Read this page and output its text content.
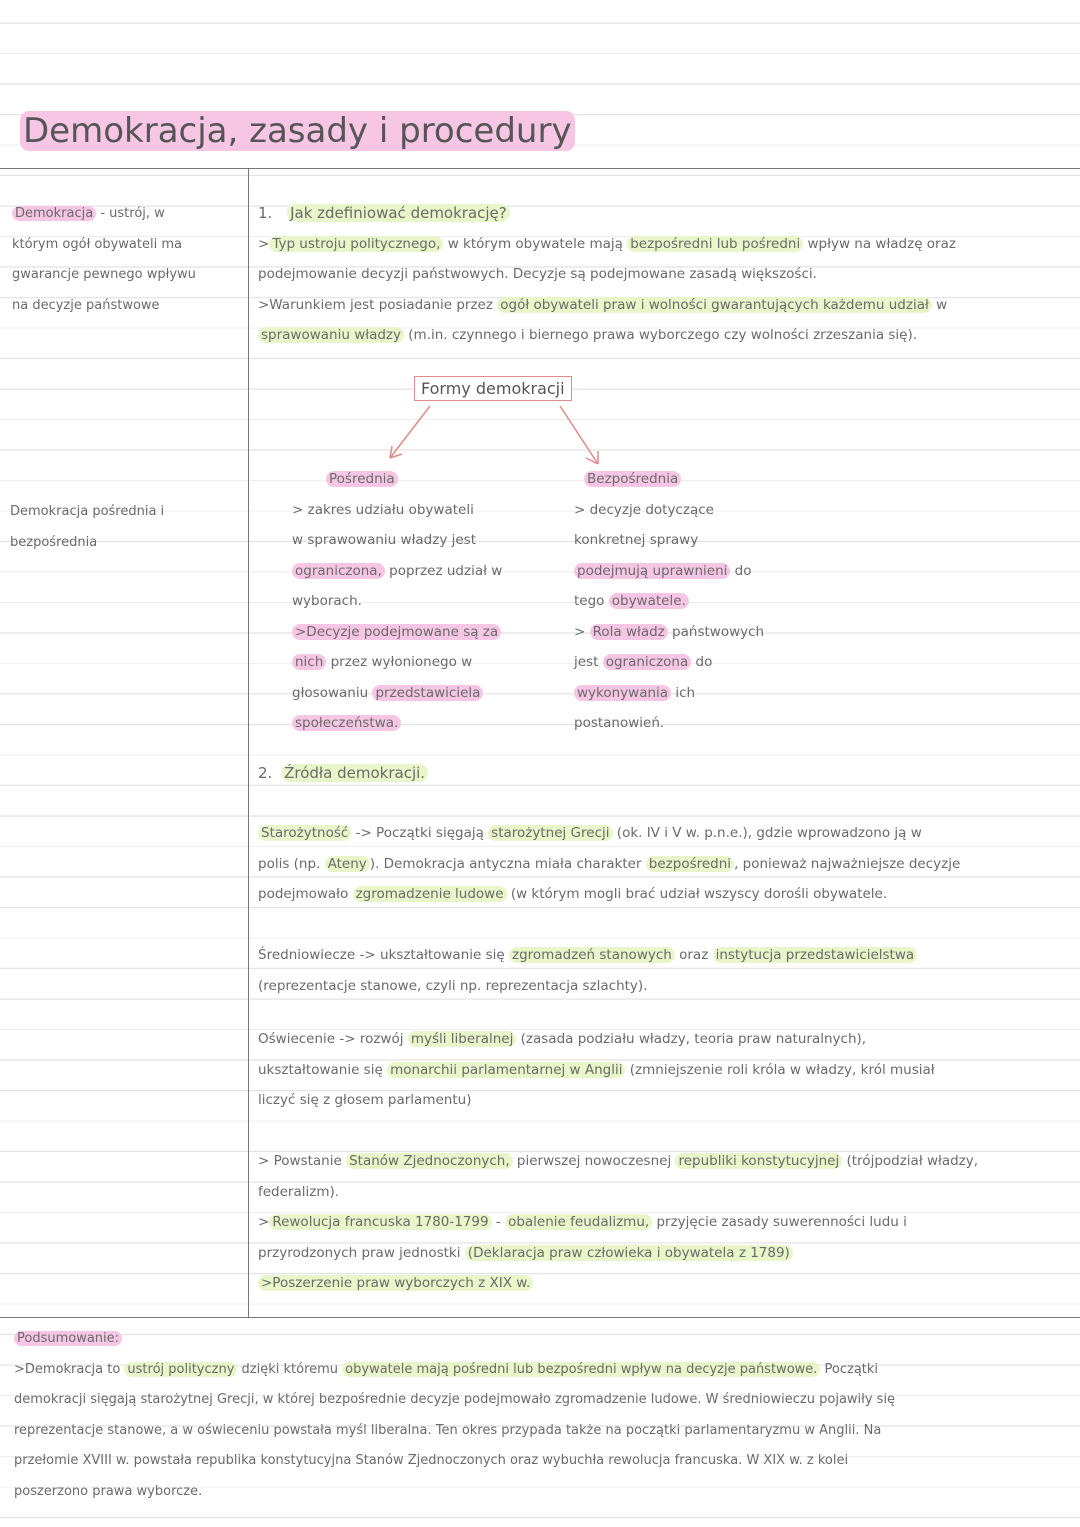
Demokracja, zasady i procedury
Demokracja - ustrój, w
którym ogół obywateli ma
gwarancje pewnego wpływu
na decyzje państwowe
Demokracja pośrednia i
bezpośrednia
1. Jak zdefiniować demokrację?
> Typ ustroju politycznego, w którym obywatele mają bezpośredni lub pośredni wpływ na władzę oraz
podejmowanie decyzji państwowych. Decyzje są podejmowane zasadą większości.
>Warunkiem jest posiadanie przez ogół obywateli praw i wolności gwarantujących każdemu udział w
sprawowaniu władzy (m.in. czynnego i biernego prawa wyborczego czy wolności zrzeszania się).
Formy demokracji
Pośrednia
> zakres udziału obywateli
w sprawowaniu władzy jest
ograniczona, poprzez udział w
wyborach.
>Decyzje podejmowane są za
nich przez wyłonionego w
głosowaniu przedstawiciela
społeczeństwa.
Bezpośrednia
> decyzje dotyczące
konkretnej sprawy
podejmują uprawnieni do
tego obywatele.
> Rola władz państwowych
jest ograniczona do
wykonywania ich
postanowień.
2. Źródła demokracji.
Starożytność -> Początki sięgają starożytnej Grecji (ok. IV i V w. p.n.e.), gdzie wprowadzono ją w
polis (np. Ateny ). Demokracja antyczna miała charakter bezpośredni , ponieważ najważniejsze decyzje
podejmowało zgromadzenie ludowe (w którym mogli brać udział wszyscy dorośli obywatele.
Średniowiecze -> ukształtowanie się zgromadzeń stanowych oraz instytucja przedstawicielstwa
(reprezentacje stanowe, czyli np. reprezentacja szlachty).
Oświecenie -> rozwój myśli liberalnej (zasada podziału władzy, teoria praw naturalnych),
ukształtowanie się monarchii parlamentarnej w Anglii (zmniejszenie roli króla w władzy, król musiał
liczyć się z głosem parlamentu)
> Powstanie Stanów Zjednoczonych, pierwszej nowoczesnej republiki konstytucyjnej (trójpodział władzy,
federalizm).
> Rewolucja francuska 1780-1799 - obalenie feudalizmu, przyjęcie zasady suwerenności ludu i
przyrodzonych praw jednostki (Deklaracja praw człowieka i obywatela z 1789)
>Poszerzenie praw wyborczych z XIX w.
Podsumowanie:
>Demokracja to ustrój polityczny dzięki któremu obywatele mają pośredni lub bezpośredni wpływ na decyzje państwowe. Początki
demokracji sięgają starożytnej Grecji, w której bezpośrednie decyzje podejmowało zgromadzenie ludowe. W średniowieczu pojawiły się
reprezentacje stanowe, a w oświeceniu powstała myśl liberalna. Ten okres przypada także na początki parlamentaryzmu w Anglii. Na
przełomie XVIII w. powstała republika konstytucyjna Stanów Zjednoczonych oraz wybuchła rewolucja francuska. W XIX w. z kolei
poszerzono prawa wyborcze.
